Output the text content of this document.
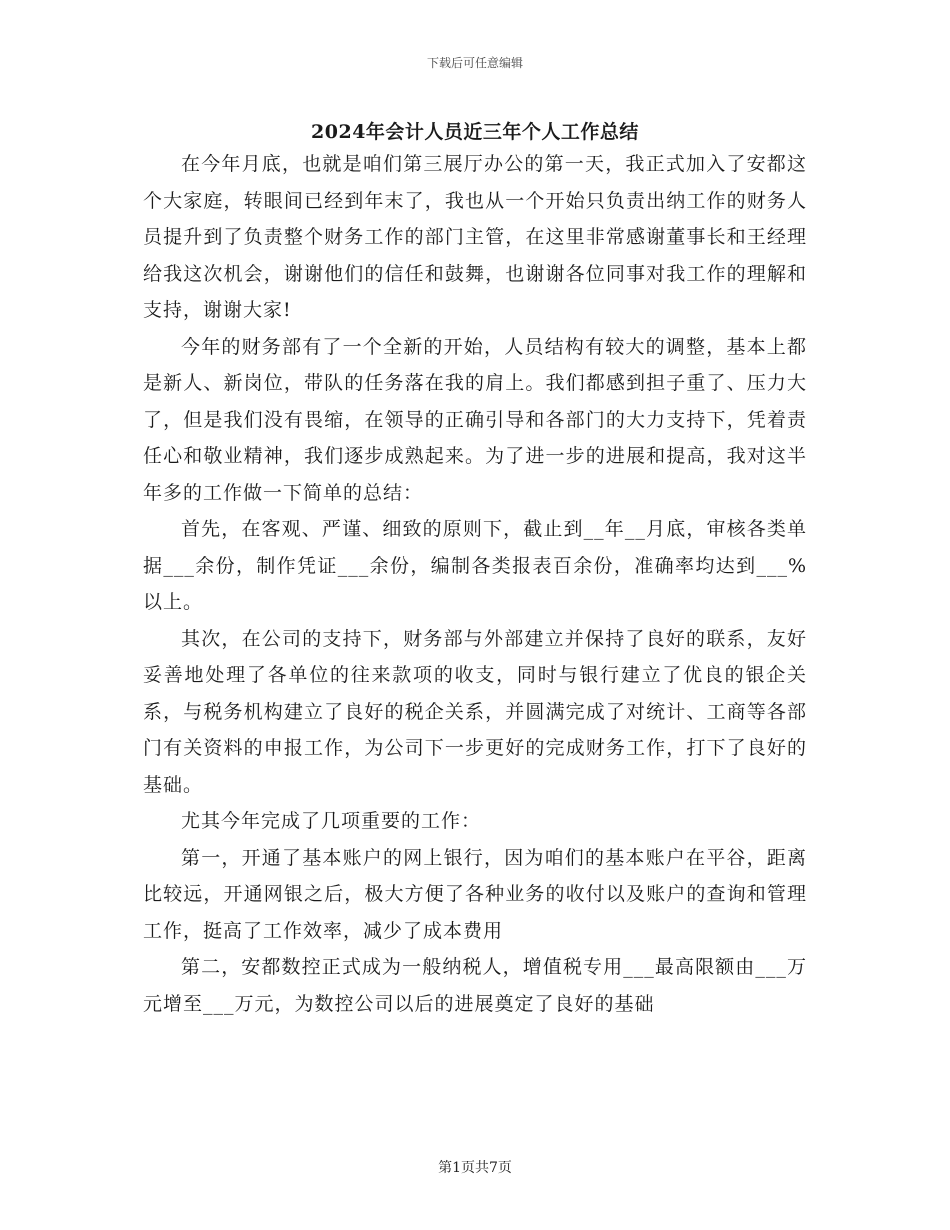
下载后可任意编辑
2024年会计人员近三年个人工作总结

在今年月底，也就是咱们第三展厅办公的第一天，我正式加入了安都这个大家庭，转眼间已经到年末了，我也从一个开始只负责出纳工作的财务人员提升到了负责整个财务工作的部门主管，在这里非常感谢董事长和王经理给我这次机会，谢谢他们的信任和鼓舞，也谢谢各位同事对我工作的理解和支持，谢谢大家!

今年的财务部有了一个全新的开始，人员结构有较大的调整，基本上都是新人、新岗位，带队的任务落在我的肩上。我们都感到担子重了、压力大了，但是我们没有畏缩，在领导的正确引导和各部门的大力支持下，凭着责任心和敬业精神，我们逐步成熟起来。为了进一步的进展和提高，我对这半年多的工作做一下简单的总结：

首先，在客观、严谨、细致的原则下，截止到__年__月底，审核各类单据___余份，制作凭证___余份，编制各类报表百余份，准确率均达到___%以上。

其次，在公司的支持下，财务部与外部建立并保持了良好的联系，友好妥善地处理了各单位的往来款项的收支，同时与银行建立了优良的银企关系，与税务机构建立了良好的税企关系，并圆满完成了对统计、工商等各部门有关资料的申报工作，为公司下一步更好的完成财务工作，打下了良好的基础。

尤其今年完成了几项重要的工作：

第一，开通了基本账户的网上银行，因为咱们的基本账户在平谷，距离比较远，开通网银之后，极大方便了各种业务的收付以及账户的查询和管理工作，挺高了工作效率，减少了成本费用

第二，安都数控正式成为一般纳税人，增值税专用___最高限额由___万元增至___万元，为数控公司以后的进展奠定了良好的基础

第1页共7页
